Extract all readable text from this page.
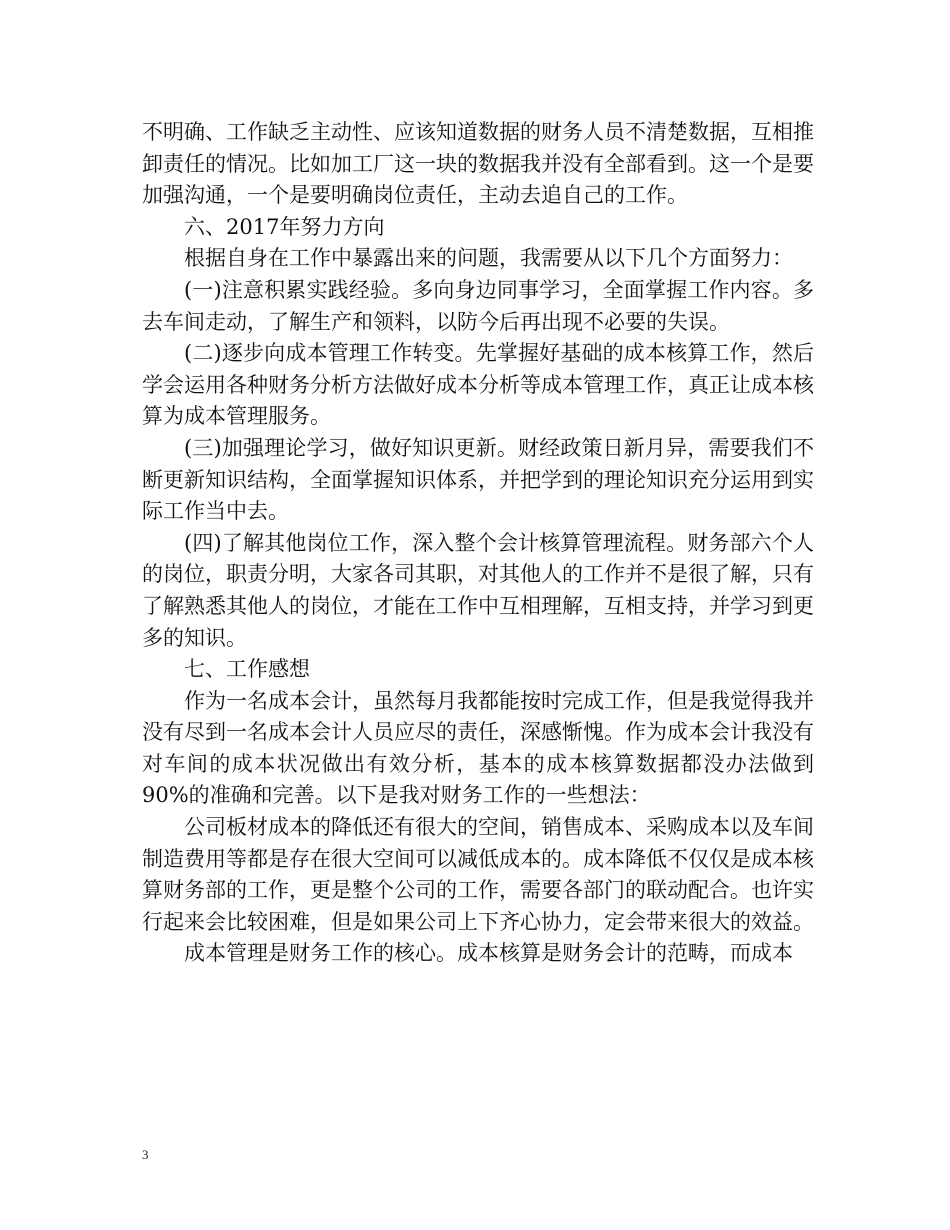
不明确、工作缺乏主动性、应该知道数据的财务人员不清楚数据，互相推卸责任的情况。比如加工厂这一块的数据我并没有全部看到。这一个是要加强沟通，一个是要明确岗位责任，主动去追自己的工作。

六、2017年努力方向

根据自身在工作中暴露出来的问题，我需要从以下几个方面努力：

(一)注意积累实践经验。多向身边同事学习，全面掌握工作内容。多去车间走动，了解生产和领料，以防今后再出现不必要的失误。

(二)逐步向成本管理工作转变。先掌握好基础的成本核算工作，然后学会运用各种财务分析方法做好成本分析等成本管理工作，真正让成本核算为成本管理服务。

(三)加强理论学习，做好知识更新。财经政策日新月异，需要我们不断更新知识结构，全面掌握知识体系，并把学到的理论知识充分运用到实际工作当中去。

(四)了解其他岗位工作，深入整个会计核算管理流程。财务部六个人的岗位，职责分明，大家各司其职，对其他人的工作并不是很了解，只有了解熟悉其他人的岗位，才能在工作中互相理解，互相支持，并学习到更多的知识。

七、工作感想

作为一名成本会计，虽然每月我都能按时完成工作，但是我觉得我并没有尽到一名成本会计人员应尽的责任，深感惭愧。作为成本会计我没有对车间的成本状况做出有效分析，基本的成本核算数据都没办法做到90%的准确和完善。以下是我对财务工作的一些想法：

公司板材成本的降低还有很大的空间，销售成本、采购成本以及车间制造费用等都是存在很大空间可以减低成本的。成本降低不仅仅是成本核算财务部的工作，更是整个公司的工作，需要各部门的联动配合。也许实行起来会比较困难，但是如果公司上下齐心协力，定会带来很大的效益。

成本管理是财务工作的核心。成本核算是财务会计的范畴，而成本

3
